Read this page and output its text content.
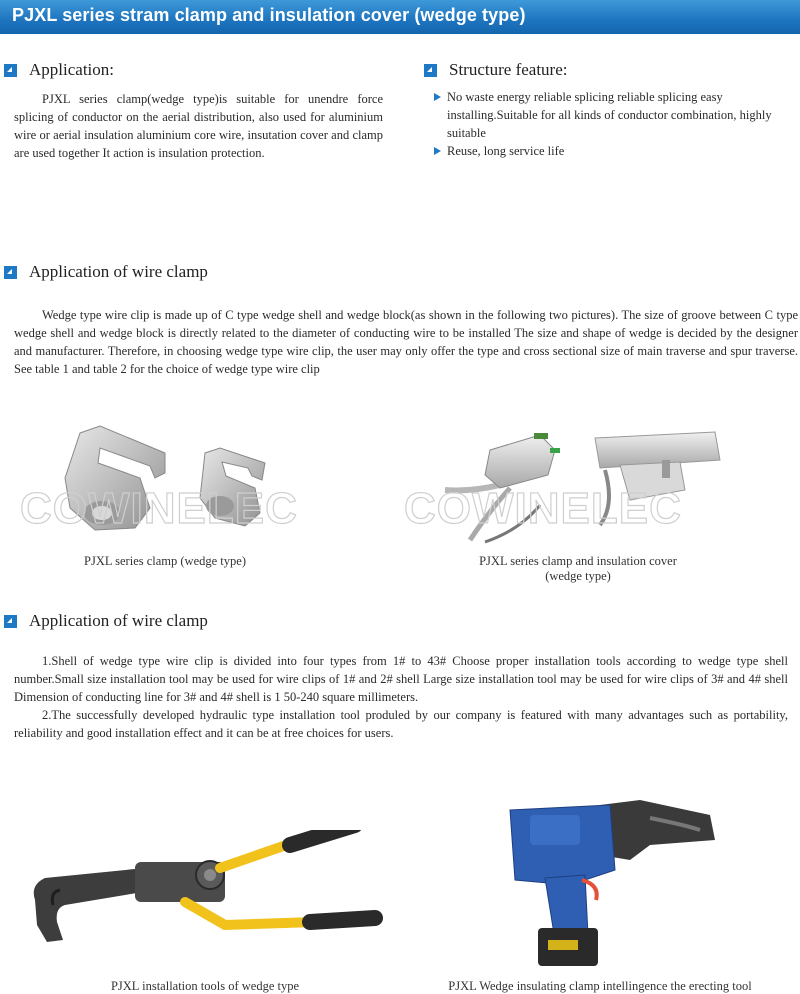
PJXL series stram clamp and insulation cover (wedge type)
Application:
PJXL series clamp(wedge type)is suitable for unendre force splicing of conductor on the aerial distribution, also used for aluminium wire or aerial insulation aluminium core wire, insutation cover and clamp are used together It action is insulation protection.
Structure feature:
No waste energy reliable splicing reliable splicing easy installing.Suitable for all kinds of conductor combination, highly suitable
Reuse, long service life
Application of wire clamp
Wedge type wire clip is made up of C type wedge shell and wedge block(as shown in the following two pictures). The size of groove between C type wedge shell and wedge block is directly related to the diameter of conducting wire to be installed The size and shape of wedge is decided by the designer and manufacturer. Therefore, in choosing wedge type wire clip, the user may only offer the type and cross sectional size of main traverse and spur traverse. See table 1 and table 2 for the choice of wedge type wire clip
COWINELEC
PJXL series clamp (wedge type)
COWINELEC
PJXL series clamp and insulation cover (wedge type)
Application of wire clamp
1.Shell of wedge type wire clip is divided into four types from 1# to 43# Choose proper installation tools according to wedge type shell number.Small size installation tool may be used for wire clips of 1# and 2# shell Large size installation tool may be used for wire clips of 3# and 4# shell Dimension of conducting line for 3# and 4# shell is 1 50-240 square millimeters.
2.The successfully developed hydraulic type installation tool produled by our company is featured with many advantages such as portability, reliability and good installation effect and it can be at free choices for users.
PJXL installation tools of wedge type	PJXL Wedge insulating clamp intellingence the erecting tool
